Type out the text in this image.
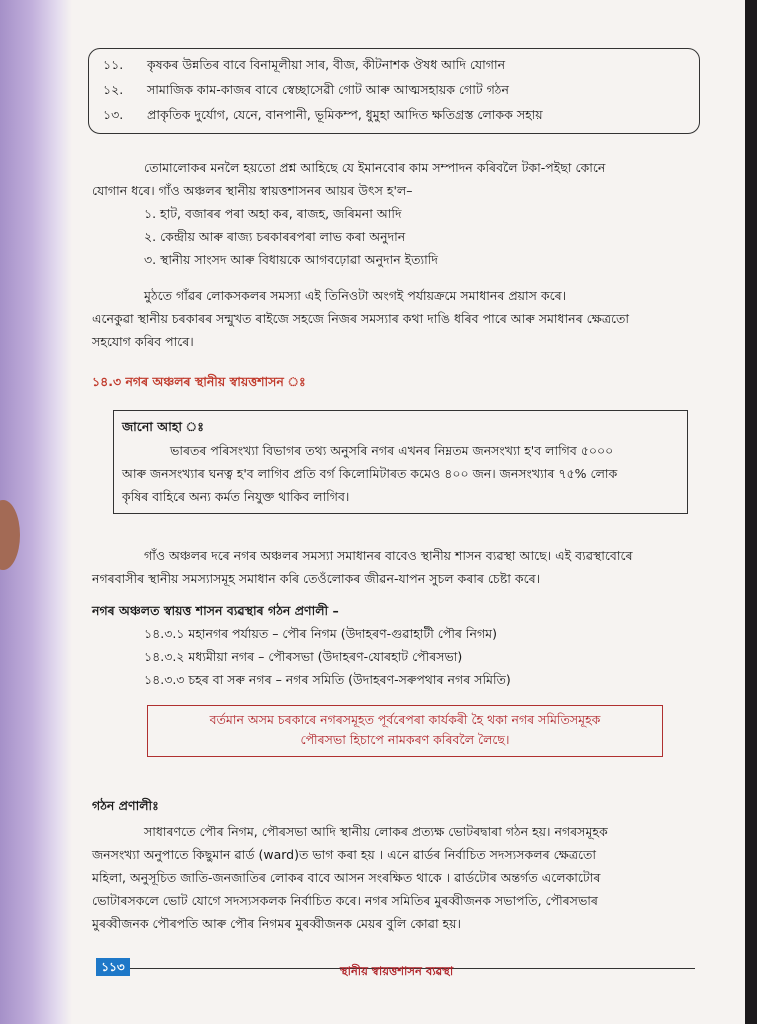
১১. কৃষকৰ উন্নতিৰ বাবে বিনামূলীয়া সাৰ, বীজ, কীটনাশক ঔষধ আদি যোগান
১২. সামাজিক কাম-কাজৰ বাবে স্বেচ্ছাসেৱী গোট আৰু আত্মসহায়ক গোট গঠন
১৩. প্ৰাকৃতিক দুৰ্যোগ, যেনে, বানপানী, ভূমিকম্প, ধুমুহা আদিত ক্ষতিগ্ৰস্ত লোকক সহায়
তোমালোকৰ মনলৈ হয়তো প্ৰশ্ন আহিছে যে ইমানবোৰ কাম সম্পাদন কৰিবলৈ টকা-পইছা কোনে
যোগান ধৰে। গাঁও অঞ্চলৰ স্থানীয় স্বায়ত্তশাসনৰ আয়ৰ উৎস হ'ল–
১. হাট, বজাৰৰ পৰা অহা কৰ, ৰাজহ, জৰিমনা আদি
২. কেন্দ্ৰীয় আৰু ৰাজ্য চৰকাৰৰপৰা লাভ কৰা অনুদান
৩. স্থানীয় সাংসদ আৰু বিধায়কে আগবঢ়োৱা অনুদান ইত্যাদি
মুঠতে গাঁৱৰ লোকসকলৰ সমস্যা এই তিনিওটা অংগই পৰ্যায়ক্ৰমে সমাধানৰ প্ৰয়াস কৰে।
এনেকুৱা স্থানীয় চৰকাৰৰ সন্মুখত ৰাইজে সহজে নিজৰ সমস্যাৰ কথা দাঙি ধৰিব পাৰে আৰু সমাধানৰ ক্ষেত্ৰতো
সহযোগ কৰিব পাৰে।
১৪.৩ নগৰ অঞ্চলৰ স্থানীয় স্বায়ত্তশাসন ঃ
জানো আহা ঃ
ভাৰতৰ পৰিসংখ্যা বিভাগৰ তথ্য অনুসৰি নগৰ এখনৰ নিম্নতম জনসংখ্যা হ'ব লাগিব ৫০০০
আৰু জনসংখ্যাৰ ঘনত্ব হ'ব লাগিব প্ৰতি বৰ্গ কিলোমিটাৰত কমেও ৪০০ জন। জনসংখ্যাৰ ৭৫% লোক
কৃষিৰ বাহিৰে অন্য কৰ্মত নিযুক্ত থাকিব লাগিব।
গাঁও অঞ্চলৰ দৰে নগৰ অঞ্চলৰ সমস্যা সমাধানৰ বাবেও স্থানীয় শাসন ব্যৱস্থা আছে। এই ব্যৱস্থাবোৰে
নগৰবাসীৰ স্থানীয় সমস্যাসমূহ সমাধান কৰি তেওঁলোকৰ জীৱন-যাপন সুচল কৰাৰ চেষ্টা কৰে।
নগৰ অঞ্চলত স্বায়ত্ত শাসন ব্যৱস্থাৰ গঠন প্ৰণালী –
১৪.৩.১ মহানগৰ পৰ্যায়ত – পৌৰ নিগম (উদাহৰণ-গুৱাহাটী পৌৰ নিগম)
১৪.৩.২ মধ্যমীয়া নগৰ – পৌৰসভা (উদাহৰণ-যোৰহাট পৌৰসভা)
১৪.৩.৩ চহৰ বা সৰু নগৰ – নগৰ সমিতি (উদাহৰণ-সৰুপথাৰ নগৰ সমিতি)
বৰ্তমান অসম চৰকাৰে নগৰসমূহত পূৰ্বৰেপৰা কাৰ্যকৰী হৈ থকা নগৰ সমিতিসমূহক
পৌৰসভা হিচাপে নামকৰণ কৰিবলৈ লৈছে।
গঠন প্ৰণালীঃ
সাধাৰণতে পৌৰ নিগম, পৌৰসভা আদি স্থানীয় লোকৰ প্ৰত্যক্ষ ভোটৰদ্বাৰা গঠন হয়। নগৰসমূহক
জনসংখ্যা অনুপাতে কিছুমান ৱাৰ্ড (ward)ত ভাগ কৰা হয় । এনে ৱাৰ্ডৰ নিৰ্বাচিত সদস্যসকলৰ ক্ষেত্ৰতো
মহিলা, অনুসূচিত জাতি-জনজাতিৰ লোকৰ বাবে আসন সংৰক্ষিত থাকে । ৱাৰ্ডটোৰ অন্তৰ্গত এলেকাটোৰ
ভোটাৰসকলে ভোট যোগে সদস্যসকলক নিৰ্বাচিত কৰে। নগৰ সমিতিৰ মুৰব্বীজনক সভাপতি, পৌৰসভাৰ
মুৰব্বীজনক পৌৰপতি আৰু পৌৰ নিগমৰ মুৰব্বীজনক মেয়ৰ বুলি কোৱা হয়।
১১৩	স্থানীয় স্বায়ত্তশাসন ব্যৱস্থা
